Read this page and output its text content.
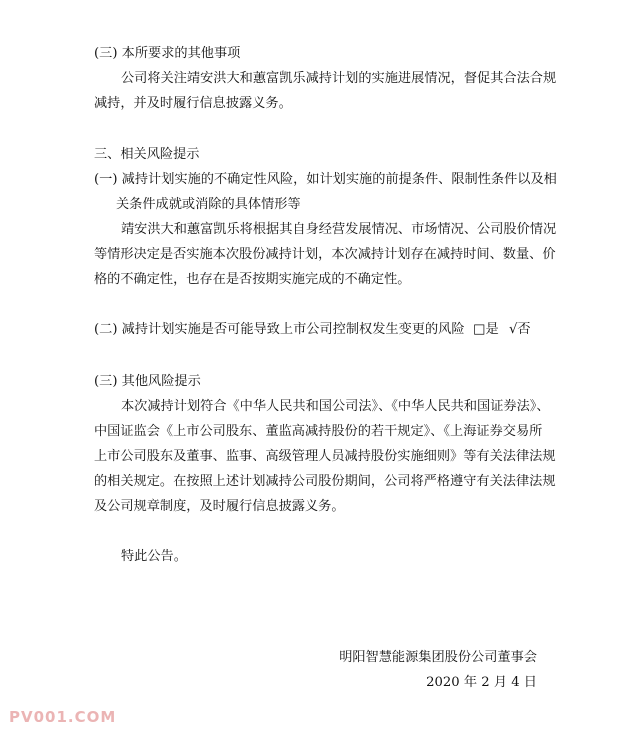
(三) 本所要求的其他事项
公司将关注靖安洪大和蕙富凯乐减持计划的实施进展情况，督促其合法合规
减持，并及时履行信息披露义务。
三、相关风险提示
(一) 减持计划实施的不确定性风险，如计划实施的前提条件、限制性条件以及相
关条件成就或消除的具体情形等
靖安洪大和蕙富凯乐将根据其自身经营发展情况、市场情况、公司股价情况
等情形决定是否实施本次股份减持计划，本次减持计划存在减持时间、数量、价
格的不确定性，也存在是否按期实施完成的不确定性。
(二) 减持计划实施是否可能导致上市公司控制权发生变更的风险 □是 √否
(三) 其他风险提示
本次减持计划符合《中华人民共和国公司法》、《中华人民共和国证券法》、
中国证监会《上市公司股东、董监高减持股份的若干规定》、《上海证券交易所
上市公司股东及董事、监事、高级管理人员减持股份实施细则》等有关法律法规
的相关规定。在按照上述计划减持公司股份期间，公司将严格遵守有关法律法规
及公司规章制度，及时履行信息披露义务。
特此公告。
明阳智慧能源集团股份公司董事会
2020 年 2 月 4 日
PV001.COM
